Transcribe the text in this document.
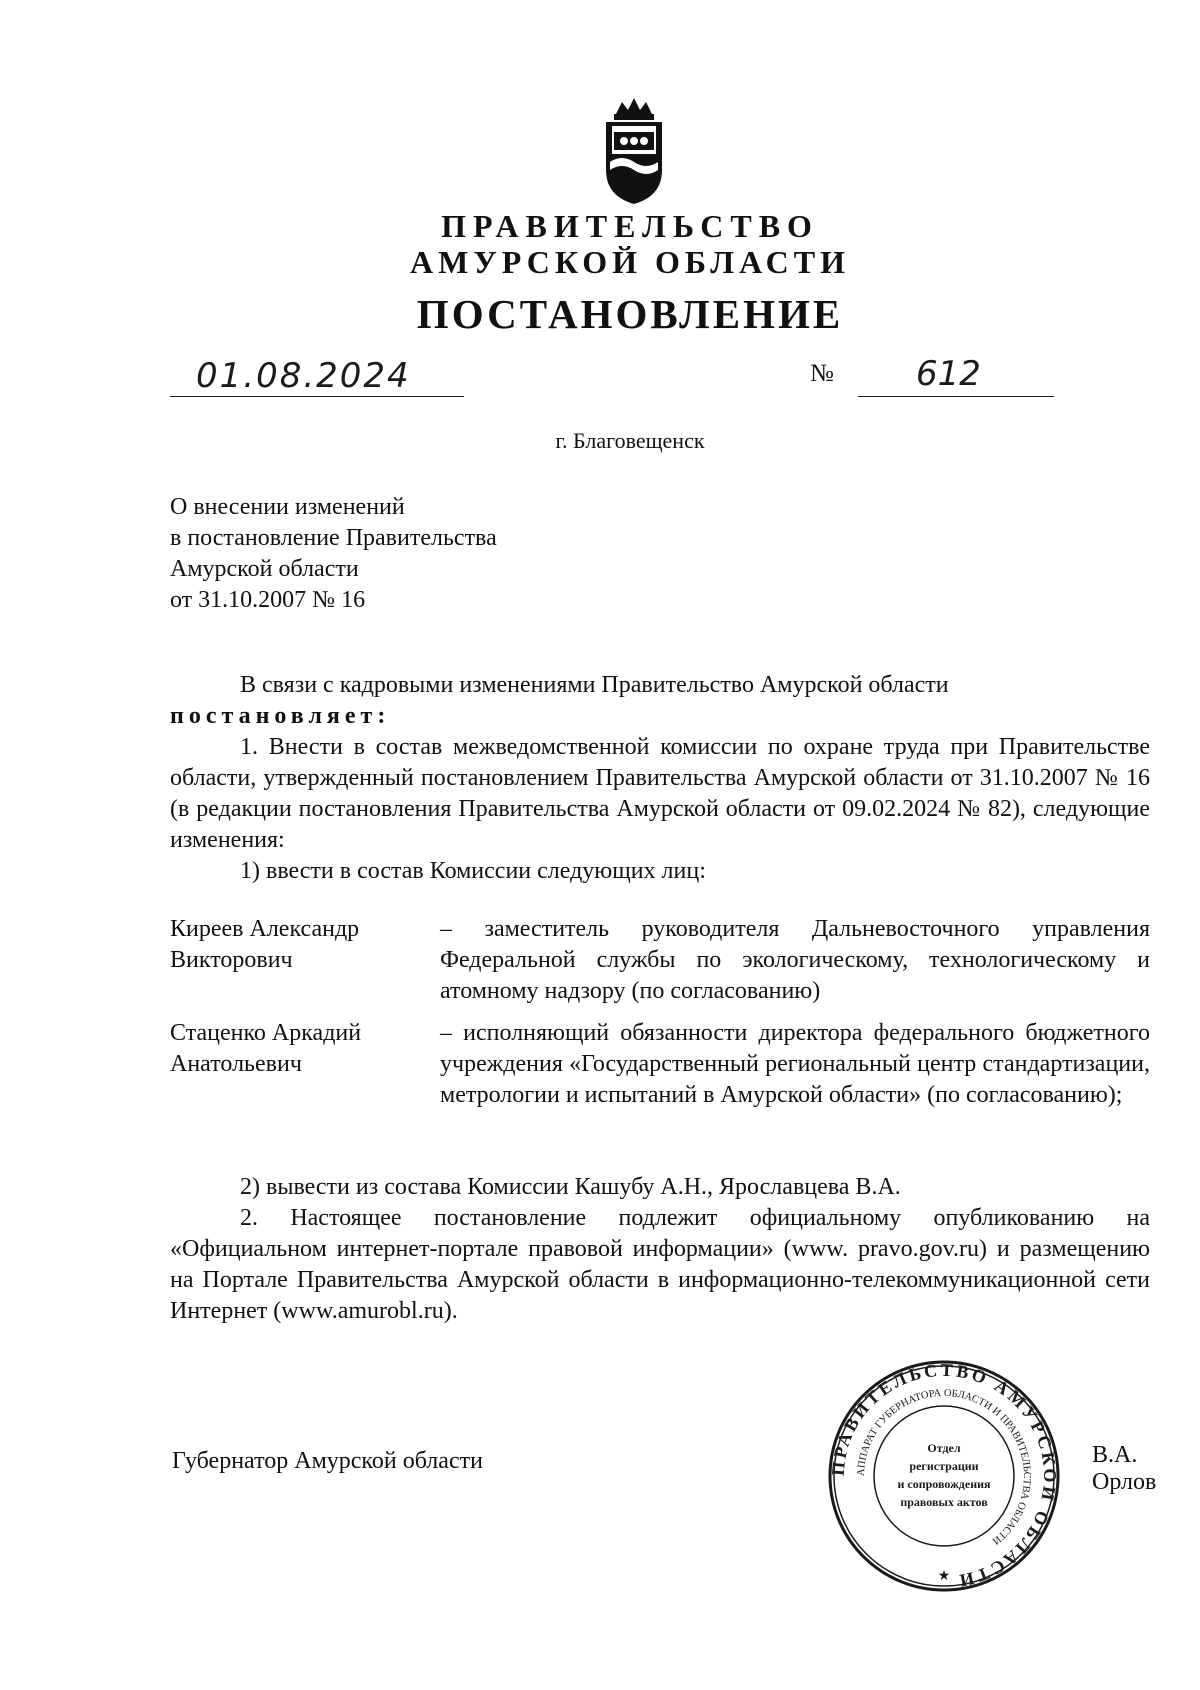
ПРАВИТЕЛЬСТВО
АМУРСКОЙ ОБЛАСТИ
ПОСТАНОВЛЕНИЕ
01.08.2024	№ 612
г. Благовещенск
О внесении изменений
в постановление Правительства
Амурской области
от 31.10.2007 № 16

В связи с кадровыми изменениями Правительство Амурской области

постановляет:

1. Внести в состав межведомственной комиссии по охране труда при Правительстве области, утвержденный постановлением Правительства Амурской области от 31.10.2007 № 16 (в редакции постановления Правительства Амурской области от 09.02.2024 № 82), следующие изменения:

1) ввести в состав Комиссии следующих лиц:

Киреев Александр Викторович
– заместитель руководителя Дальневосточного управления Федеральной службы по экологическому, технологическому и атомному надзору (по согласованию)
Стаценко Аркадий Анатольевич
– исполняющий обязанности директора федерального бюджетного учреждения «Государственный региональный центр стандартизации, метрологии и испытаний в Амурской области» (по согласованию);

2) вывести из состава Комиссии Кашубу А.Н., Ярославцева В.А.

2. Настоящее постановление подлежит официальному опубликованию на «Официальном интернет-портале правовой информации» (www. pravo.gov.ru) и размещению на Портале Правительства Амурской области в информационно-телекоммуникационной сети Интернет (www.amurobl.ru).

Губернатор Амурской области	В.А. Орлов
ПРАВИТЕЛЬСТВО АМУРСКОЙ ОБЛАСТИ
АППАРАТ ГУБЕРНАТОРА ОБЛАСТИ И ПРАВИТЕЛЬСТВА ОБЛАСТИ
Отдел
регистрации
и сопровождения
правовых актов
★
